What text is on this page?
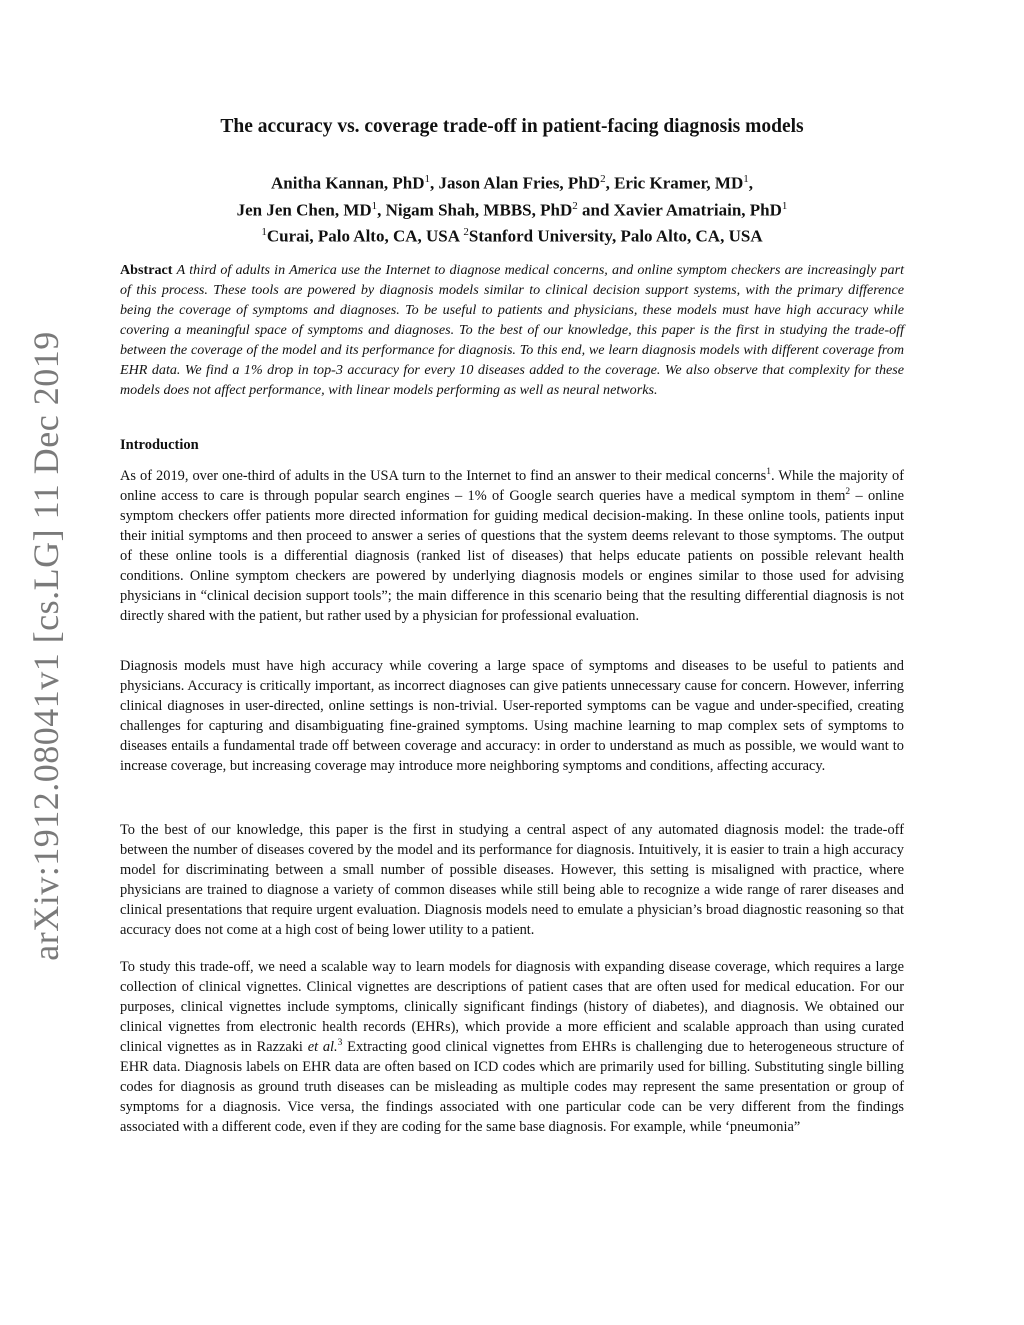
arXiv:1912.08041v1 [cs.LG] 11 Dec 2019
The accuracy vs. coverage trade-off in patient-facing diagnosis models
Anitha Kannan, PhD$^1$, Jason Alan Fries, PhD$^2$, Eric Kramer, $MD^1$,
Jen Jen Chen, $MD^1$, Nigam Shah, MBBS, PhD$^2$ and Xavier Amatriain, PhD$^1$
$^1$Curai, Palo Alto, CA, USA $^2$Stanford University, Palo Alto, CA, USA
Abstract A third of adults in America use the Internet to diagnose medical concerns, and online symptom checkers are increasingly part of this process. These tools are powered by diagnosis models similar to clinical decision support systems, with the primary difference being the coverage of symptoms and diagnoses. To be useful to patients and physicians, these models must have high accuracy while covering a meaningful space of symptoms and diagnoses. To the best of our knowledge, this paper is the first in studying the trade-off between the coverage of the model and its performance for diagnosis. To this end, we learn diagnosis models with different coverage from EHR data. We find a 1% drop in top-3 accuracy for every 10 diseases added to the coverage. We also observe that complexity for these models does not affect performance, with linear models performing as well as neural networks.
Introduction

As of 2019, over one-third of adults in the USA turn to the Internet to find an answer to their medical concerns$^1$. While the majority of online access to care is through popular search engines – 1% of Google search queries have a medical symptom in them$^2$ – online symptom checkers offer patients more directed information for guiding medical decision-making. In these online tools, patients input their initial symptoms and then proceed to answer a series of questions that the system deems relevant to those symptoms. The output of these online tools is a differential diagnosis (ranked list of diseases) that helps educate patients on possible relevant health conditions. Online symptom checkers are powered by underlying diagnosis models or engines similar to those used for advising physicians in “clinical decision support tools”; the main difference in this scenario being that the resulting differential diagnosis is not directly shared with the patient, but rather used by a physician for professional evaluation.

Diagnosis models must have high accuracy while covering a large space of symptoms and diseases to be useful to patients and physicians. Accuracy is critically important, as incorrect diagnoses can give patients unnecessary cause for concern. However, inferring clinical diagnoses in user-directed, online settings is non-trivial. User-reported symptoms can be vague and under-specified, creating challenges for capturing and disambiguating fine-grained symptoms. Using machine learning to map complex sets of symptoms to diseases entails a fundamental trade off between coverage and accuracy: in order to understand as much as possible, we would want to increase coverage, but increasing coverage may introduce more neighboring symptoms and conditions, affecting accuracy.

To the best of our knowledge, this paper is the first in studying a central aspect of any automated diagnosis model: the trade-off between the number of diseases covered by the model and its performance for diagnosis. Intuitively, it is easier to train a high accuracy model for discriminating between a small number of possible diseases. However, this setting is misaligned with practice, where physicians are trained to diagnose a variety of common diseases while still being able to recognize a wide range of rarer diseases and clinical presentations that require urgent evaluation. Diagnosis models need to emulate a physician’s broad diagnostic reasoning so that accuracy does not come at a high cost of being lower utility to a patient.

To study this trade-off, we need a scalable way to learn models for diagnosis with expanding disease coverage, which requires a large collection of clinical vignettes. Clinical vignettes are descriptions of patient cases that are often used for medical education. For our purposes, clinical vignettes include symptoms, clinically significant findings (history of diabetes), and diagnosis. We obtained our clinical vignettes from electronic health records (EHRs), which provide a more efficient and scalable approach than using curated clinical vignettes as in Razzaki et al.$^3$ Extracting good clinical vignettes from EHRs is challenging due to heterogeneous structure of EHR data. Diagnosis labels on EHR data are often based on ICD codes which are primarily used for billing. Substituting single billing codes for diagnosis as ground truth diseases can be misleading as multiple codes may represent the same presentation or group of symptoms for a diagnosis. Vice versa, the findings associated with one particular code can be very different from the findings associated with a different code, even if they are coding for the same base diagnosis. For example, while ‘pneumonia”
